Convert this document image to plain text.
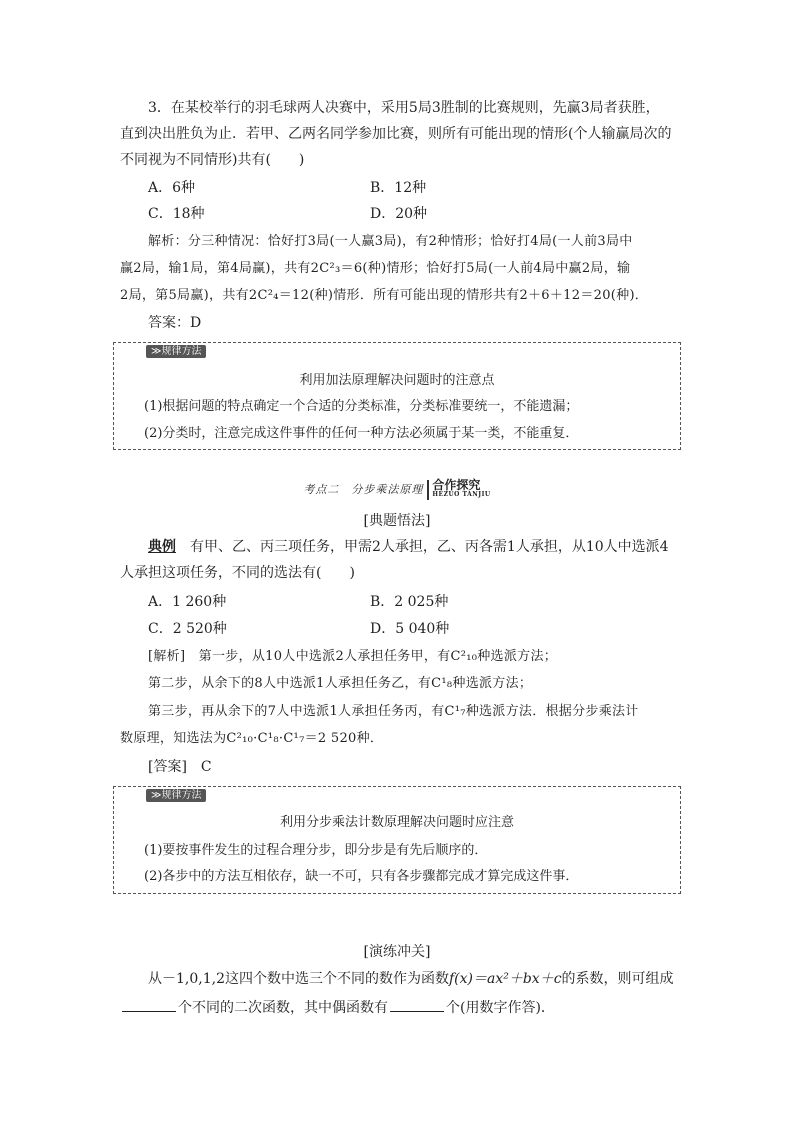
3．在某校举行的羽毛球两人决赛中，采用5局3胜制的比赛规则，先赢3局者获胜，
直到决出胜负为止．若甲、乙两名同学参加比赛，则所有可能出现的情形(个人输赢局次的
不同视为不同情形)共有(　　)
A．6种	B．12种
C．18种	D．20种
解析：分三种情况：恰好打3局(一人赢3局)，有2种情形；恰好打4局(一人前3局中
赢2局，输1局，第4局赢)，共有2C²₃＝6(种)情形；恰好打5局(一人前4局中赢2局，输
2局，第5局赢)，共有2C²₄＝12(种)情形．所有可能出现的情形共有2＋6＋12＝20(种)．
答案：D
≫规律方法
利用加法原理解决问题时的注意点
(1)根据问题的特点确定一个合适的分类标准，分类标准要统一，不能遗漏；
(2)分类时，注意完成这件事件的任何一种方法必须属于某一类，不能重复．
考点二　分步乘法原理 合作探究
HEZUO TANJIU
[典题悟法]
典例　有甲、乙、丙三项任务，甲需2人承担，乙、丙各需1人承担，从10人中选派4
人承担这项任务，不同的选法有(　　)
A．1 260种	B．2 025种
C．2 520种	D．5 040种
[解析]　第一步，从10人中选派2人承担任务甲，有C²₁₀种选派方法；
第二步，从余下的8人中选派1人承担任务乙，有C¹₈种选派方法；
第三步，再从余下的7人中选派1人承担任务丙，有C¹₇种选派方法．根据分步乘法计
数原理，知选法为C²₁₀·C¹₈·C¹₇＝2 520种．
[答案]　C
≫规律方法
利用分步乘法计数原理解决问题时应注意
(1)要按事件发生的过程合理分步，即分步是有先后顺序的．
(2)各步中的方法互相依存，缺一不可，只有各步骤都完成才算完成这件事．
[演练冲关]
从－1,0,1,2这四个数中选三个不同的数作为函数f(x)＝ax²＋bx＋c的系数，则可组成
个不同的二次函数，其中偶函数有	个(用数字作答)．
